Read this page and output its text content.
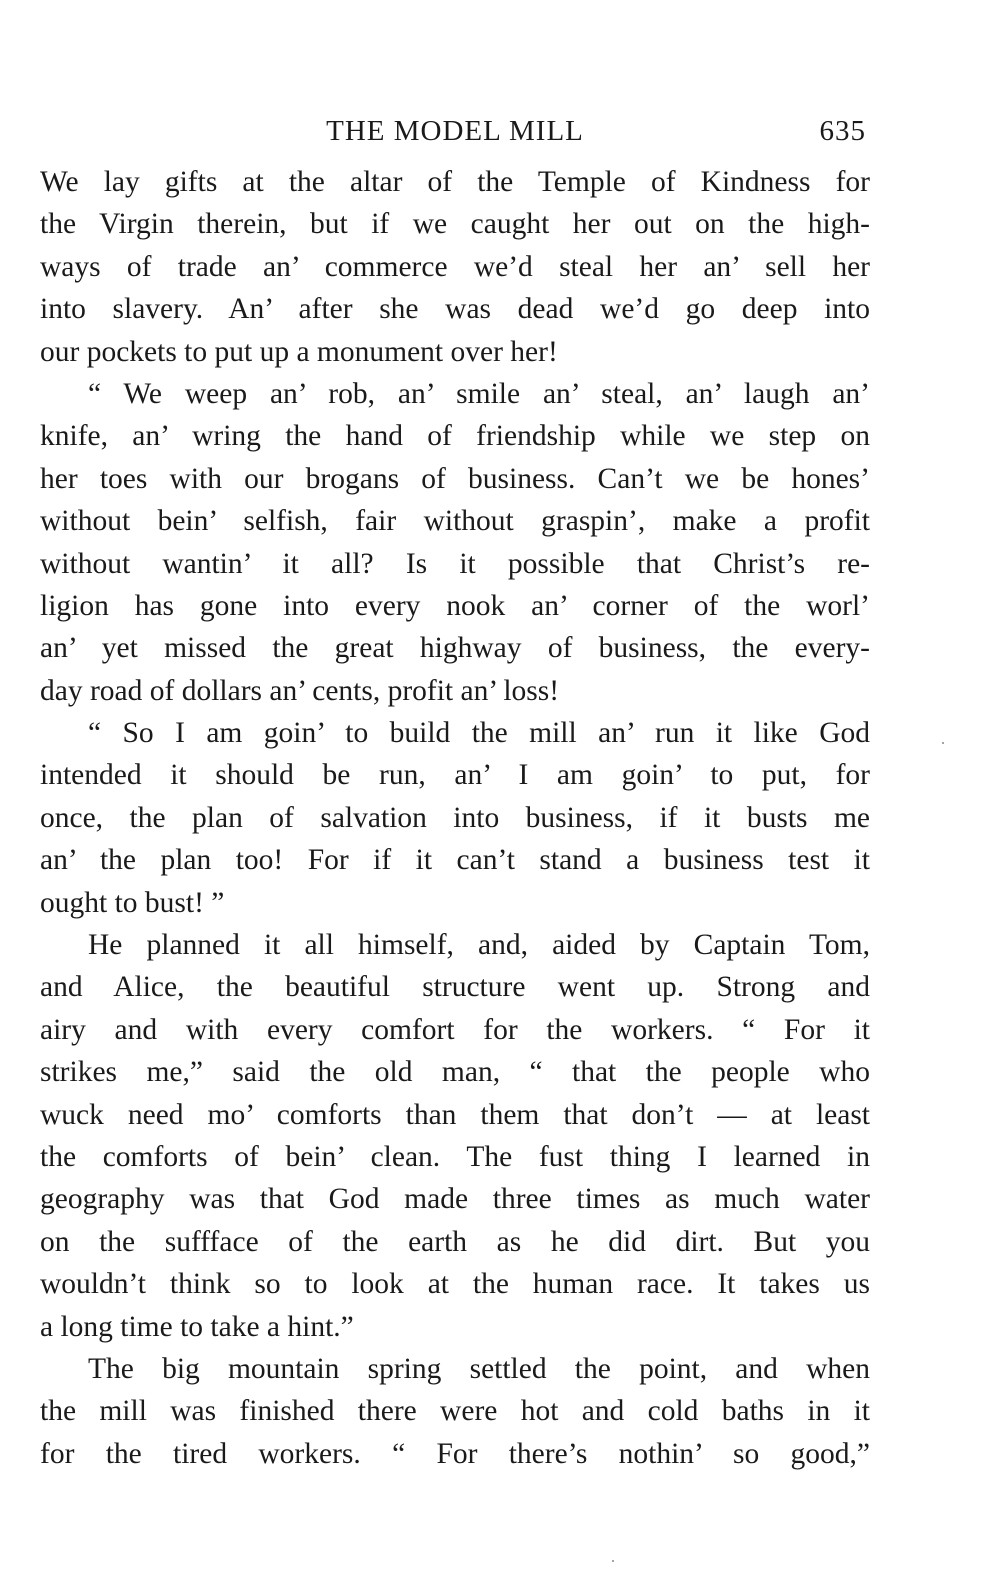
THE MODEL MILL	635
We lay gifts at the altar of the Temple of Kindness for
the Virgin therein, but if we caught her out on the high-
ways of trade an’ commerce we’d steal her an’ sell her
into slavery. An’ after she was dead we’d go deep into
our pockets to put up a monument over her!
“ We weep an’ rob, an’ smile an’ steal, an’ laugh an’
knife, an’ wring the hand of friendship while we step on
her toes with our brogans of business. Can’t we be hones’
without bein’ selfish, fair without graspin’, make a profit
without wantin’ it all? Is it possible that Christ’s re-
ligion has gone into every nook an’ corner of the worl’
an’ yet missed the great highway of business, the every-
day road of dollars an’ cents, profit an’ loss!
“ So I am goin’ to build the mill an’ run it like God
intended it should be run, an’ I am goin’ to put, for
once, the plan of salvation into business, if it busts me
an’ the plan too! For if it can’t stand a business test it
ought to bust! ”
He planned it all himself, and, aided by Captain Tom,
and Alice, the beautiful structure went up. Strong and
airy and with every comfort for the workers. “ For it
strikes me,” said the old man, “ that the people who
wuck need mo’ comforts than them that don’t — at least
the comforts of bein’ clean. The fust thing I learned in
geography was that God made three times as much water
on the suffface of the earth as he did dirt. But you
wouldn’t think so to look at the human race. It takes us
a long time to take a hint.”
The big mountain spring settled the point, and when
the mill was finished there were hot and cold baths in it
for the tired workers. “ For there’s nothin’ so good,”
